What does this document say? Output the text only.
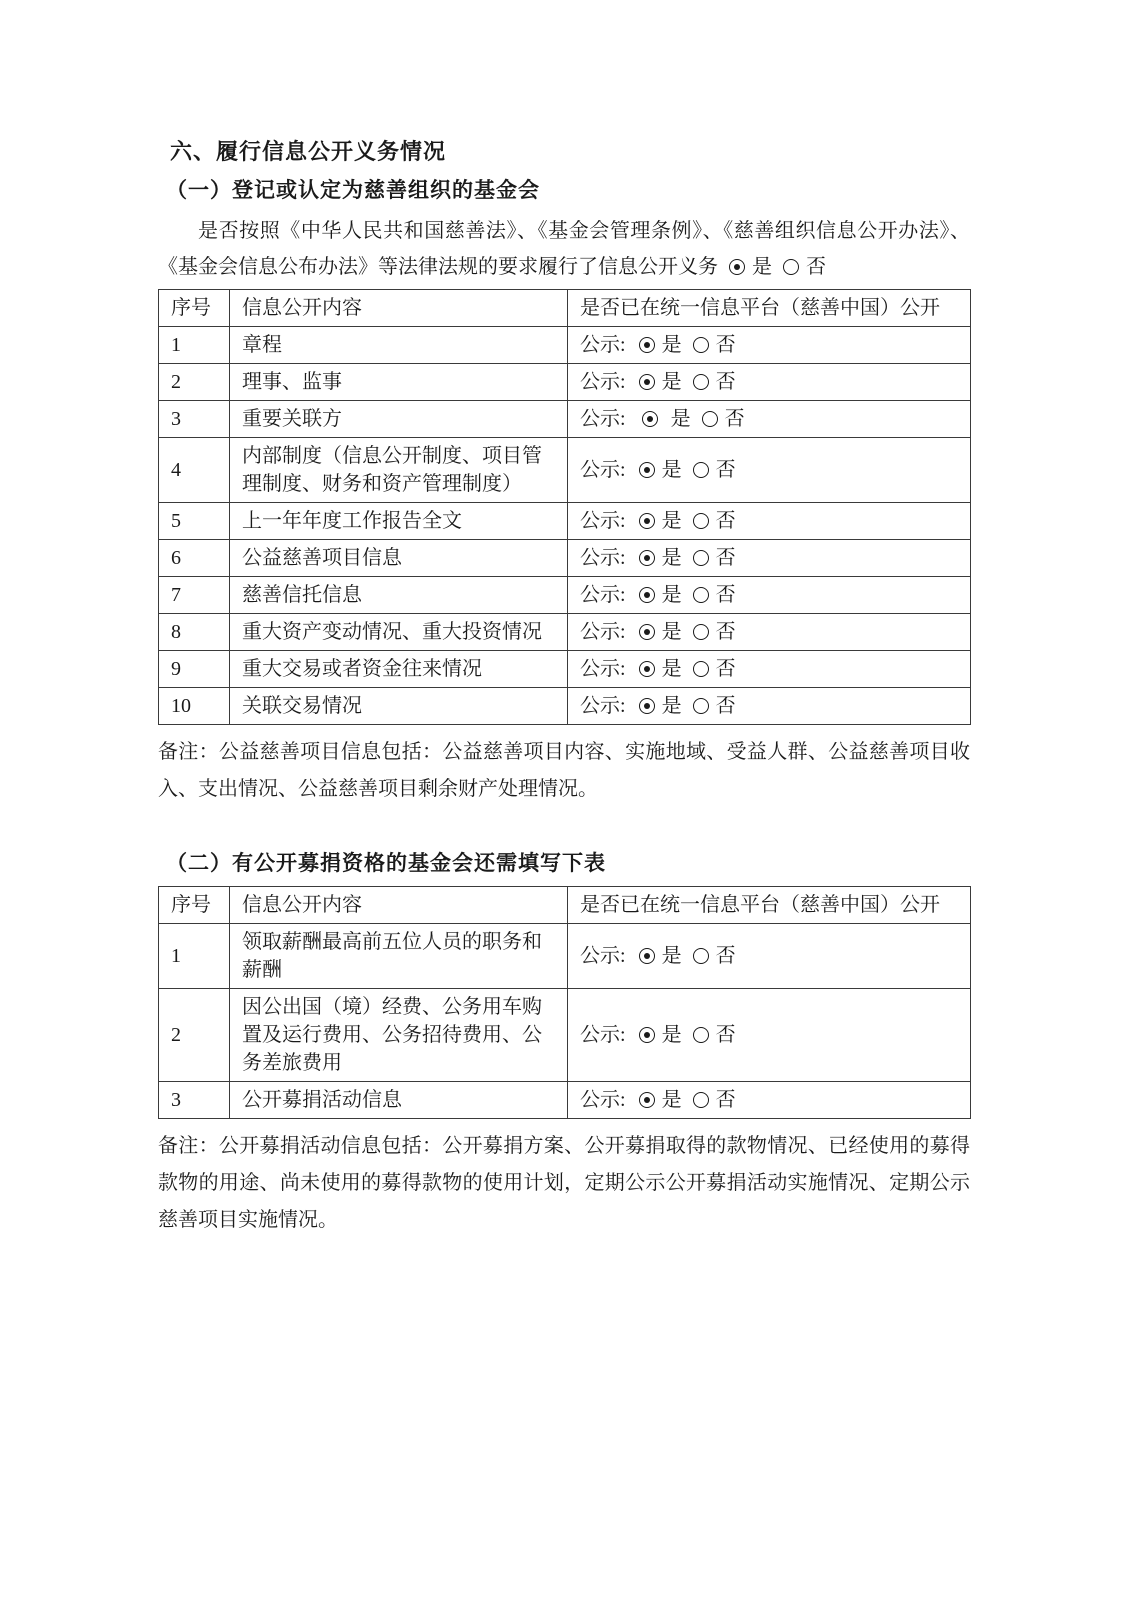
六、履行信息公开义务情况
（一）登记或认定为慈善组织的基金会

是否按照《中华人民共和国慈善法》、《基金会管理条例》、《慈善组织信息公开办法》、《基金会信息公布办法》等法律法规的要求履行了信息公开义务 是 否

序号	信息公开内容	是否已在统一信息平台（慈善中国）公开
1	章程	公示: 是 否
2	理事、监事	公示: 是 否
3	重要关联方	公示: 是 否
4	内部制度（信息公开制度、项目管理制度、财务和资产管理制度）	公示: 是 否
5	上一年年度工作报告全文	公示: 是 否
6	公益慈善项目信息	公示: 是 否
7	慈善信托信息	公示: 是 否
8	重大资产变动情况、重大投资情况	公示: 是 否
9	重大交易或者资金往来情况	公示: 是 否
10	关联交易情况	公示: 是 否

备注：公益慈善项目信息包括：公益慈善项目内容、实施地域、受益人群、公益慈善项目收入、支出情况、公益慈善项目剩余财产处理情况。

（二）有公开募捐资格的基金会还需填写下表
序号	信息公开内容	是否已在统一信息平台（慈善中国）公开
1	领取薪酬最高前五位人员的职务和薪酬	公示: 是 否
2	因公出国（境）经费、公务用车购置及运行费用、公务招待费用、公务差旅费用	公示: 是 否
3	公开募捐活动信息	公示: 是 否

备注：公开募捐活动信息包括：公开募捐方案、公开募捐取得的款物情况、已经使用的募得款物的用途、尚未使用的募得款物的使用计划，定期公示公开募捐活动实施情况、定期公示慈善项目实施情况。
